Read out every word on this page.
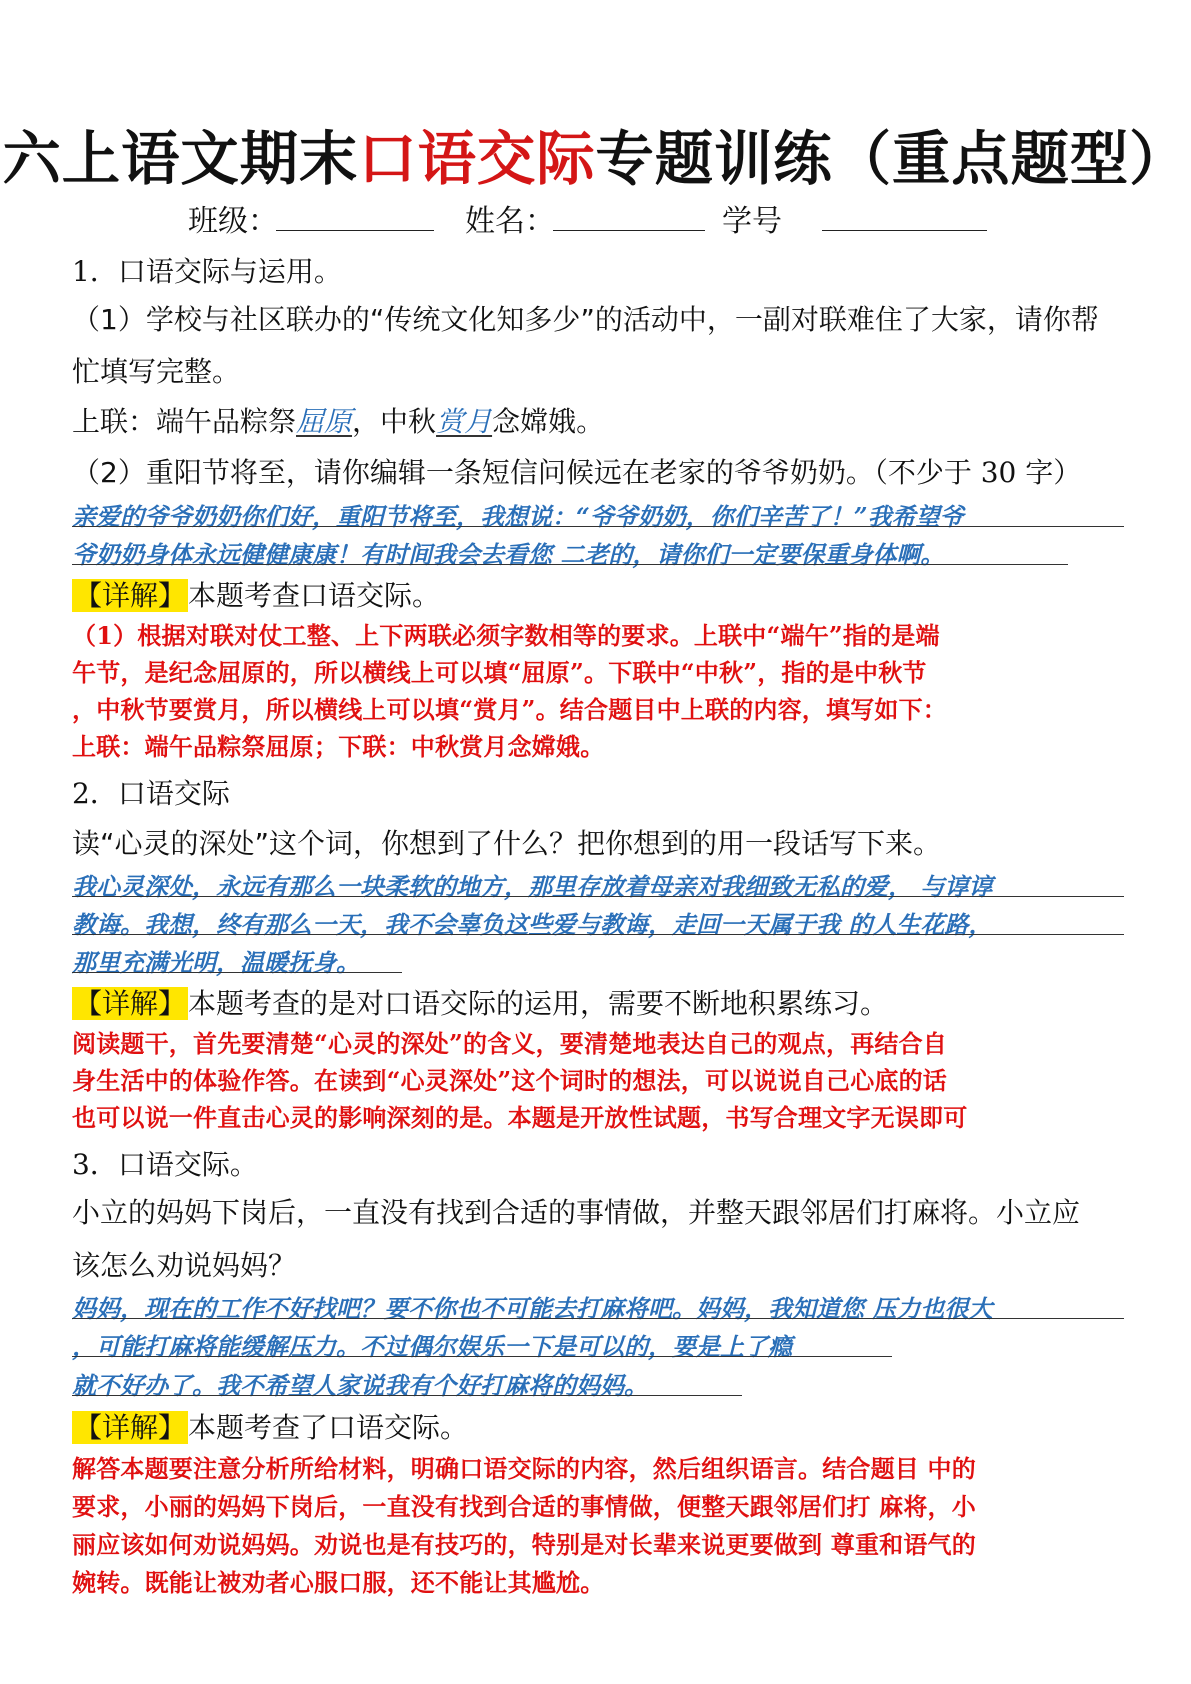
六上语文期末口语交际专题训练（重点题型）
班级：	姓名：	学号
1．口语交际与运用。
（1）学校与社区联办的“传统文化知多少”的活动中，一副对联难住了大家，请你帮
忙填写完整。
上联：端午品粽祭屈原，中秋赏月念嫦娥。
（2）重阳节将至，请你编辑一条短信问候远在老家的爷爷奶奶。（不少于 30 字）
亲爱的爷爷奶奶你们好，重阳节将至，我想说：“爷爷奶奶，你们辛苦了！”我希望爷
爷奶奶身体永远健健康康！有时间我会去看您 二老的，请你们一定要保重身体啊。
【详解】本题考查口语交际。
（1）根据对联对仗工整、上下两联必须字数相等的要求。上联中“端午”指的是端
午节，是纪念屈原的，所以横线上可以填“屈原”。下联中“中秋”，指的是中秋节
，中秋节要赏月，所以横线上可以填“赏月”。结合题目中上联的内容，填写如下：
上联：端午品粽祭屈原；下联：中秋赏月念嫦娥。
2．口语交际
读“心灵的深处”这个词，你想到了什么？把你想到的用一段话写下来。
我心灵深处，永远有那么一块柔软的地方，那里存放着母亲对我细致无私的爱， 与谆谆
教诲。我想，终有那么一天，我不会辜负这些爱与教诲，走回一天属于我 的人生花路，
那里充满光明，温暖抚身。
【详解】本题考查的是对口语交际的运用，需要不断地积累练习。
阅读题干，首先要清楚“心灵的深处”的含义，要清楚地表达自己的观点，再结合自
身生活中的体验作答。在读到“心灵深处”这个词时的想法，可以说说自己心底的话
也可以说一件直击心灵的影响深刻的是。本题是开放性试题，书写合理文字无误即可
3．口语交际。
小立的妈妈下岗后，一直没有找到合适的事情做，并整天跟邻居们打麻将。小立应
该怎么劝说妈妈？
妈妈，现在的工作不好找吧？要不你也不可能去打麻将吧。妈妈，我知道您 压力也很大
，可能打麻将能缓解压力。不过偶尔娱乐一下是可以的，要是上了瘾
就不好办了。我不希望人家说我有个好打麻将的妈妈。
【详解】本题考查了口语交际。
解答本题要注意分析所给材料，明确口语交际的内容，然后组织语言。结合题目 中的
要求，小丽的妈妈下岗后，一直没有找到合适的事情做，便整天跟邻居们打 麻将，小
丽应该如何劝说妈妈。劝说也是有技巧的，特别是对长辈来说更要做到 尊重和语气的
婉转。既能让被劝者心服口服，还不能让其尴尬。
